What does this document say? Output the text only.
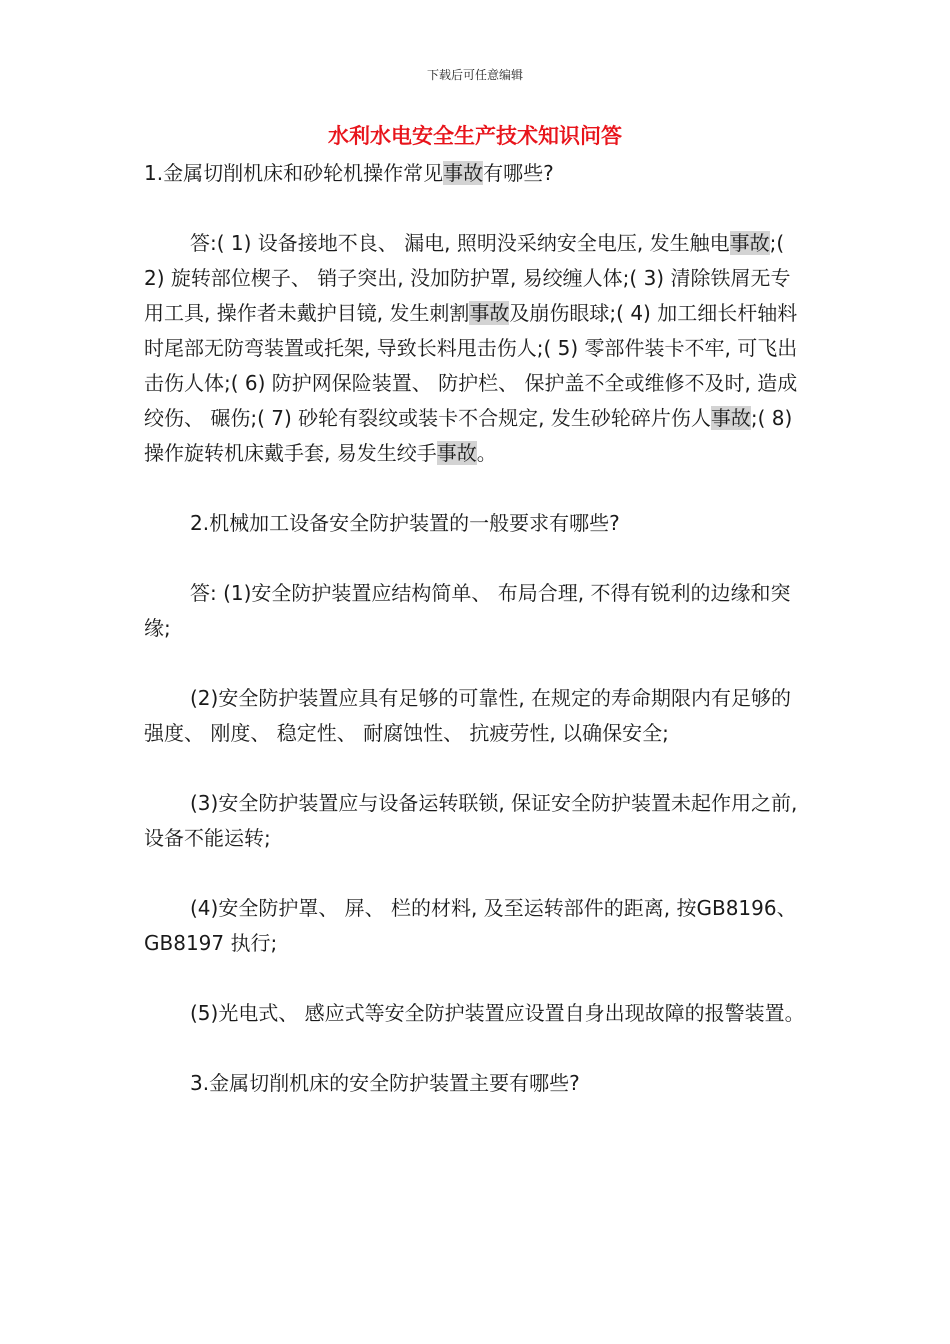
下载后可任意编辑
水利水电安全生产技术知识问答

1.金属切削机床和砂轮机操作常见事故有哪些?

答:( 1) 设备接地不良、 漏电, 照明没采纳安全电压, 发生触电事故;( 2) 旋转部位楔子、 销子突出, 没加防护罩, 易绞缠人体;( 3) 清除铁屑无专用工具, 操作者未戴护目镜, 发生刺割事故及崩伤眼球;( 4) 加工细长杆轴料时尾部无防弯装置或托架, 导致长料甩击伤人;( 5) 零部件装卡不牢, 可飞出击伤人体;( 6) 防护网保险装置、 防护栏、 保护盖不全或维修不及时, 造成绞伤、 碾伤;( 7) 砂轮有裂纹或装卡不合规定, 发生砂轮碎片伤人事故;( 8) 操作旋转机床戴手套, 易发生绞手事故。

2.机械加工设备安全防护装置的一般要求有哪些?

答: (1)安全防护装置应结构简单、 布局合理, 不得有锐利的边缘和突缘;

(2)安全防护装置应具有足够的可靠性, 在规定的寿命期限内有足够的强度、 刚度、 稳定性、 耐腐蚀性、 抗疲劳性, 以确保安全;

(3)安全防护装置应与设备运转联锁, 保证安全防护装置未起作用之前, 设备不能运转;

(4)安全防护罩、 屏、 栏的材料, 及至运转部件的距离, 按GB8196、 GB8197 执行;

(5)光电式、 感应式等安全防护装置应设置自身出现故障的报警装置。

3.金属切削机床的安全防护装置主要有哪些?
